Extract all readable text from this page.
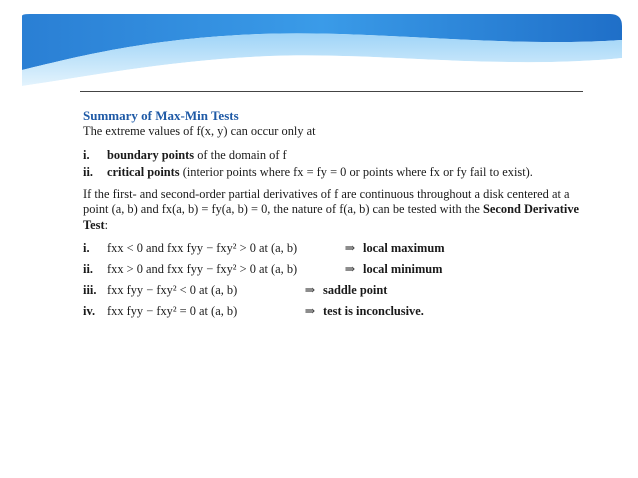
Summary of Max-Min Tests
The extreme values of f(x, y) can occur only at
i. boundary points of the domain of f
ii. critical points (interior points where fx = fy = 0 or points where fx or fy fail to exist).
If the first- and second-order partial derivatives of f are continuous throughout a disk centered at a point (a, b) and fx(a, b) = fy(a, b) = 0, the nature of f(a, b) can be tested with the Second Derivative Test:
i. fxx < 0 and fxx fyy − fxy² > 0 at (a, b)	⇒ local maximum
ii. fxx > 0 and fxx fyy − fxy² > 0 at (a, b)	⇒ local minimum
iii. fxx fyy − fxy² < 0 at (a, b)	⇒ saddle point
iv. fxx fyy − fxy² = 0 at (a, b)	⇒ test is inconclusive.
